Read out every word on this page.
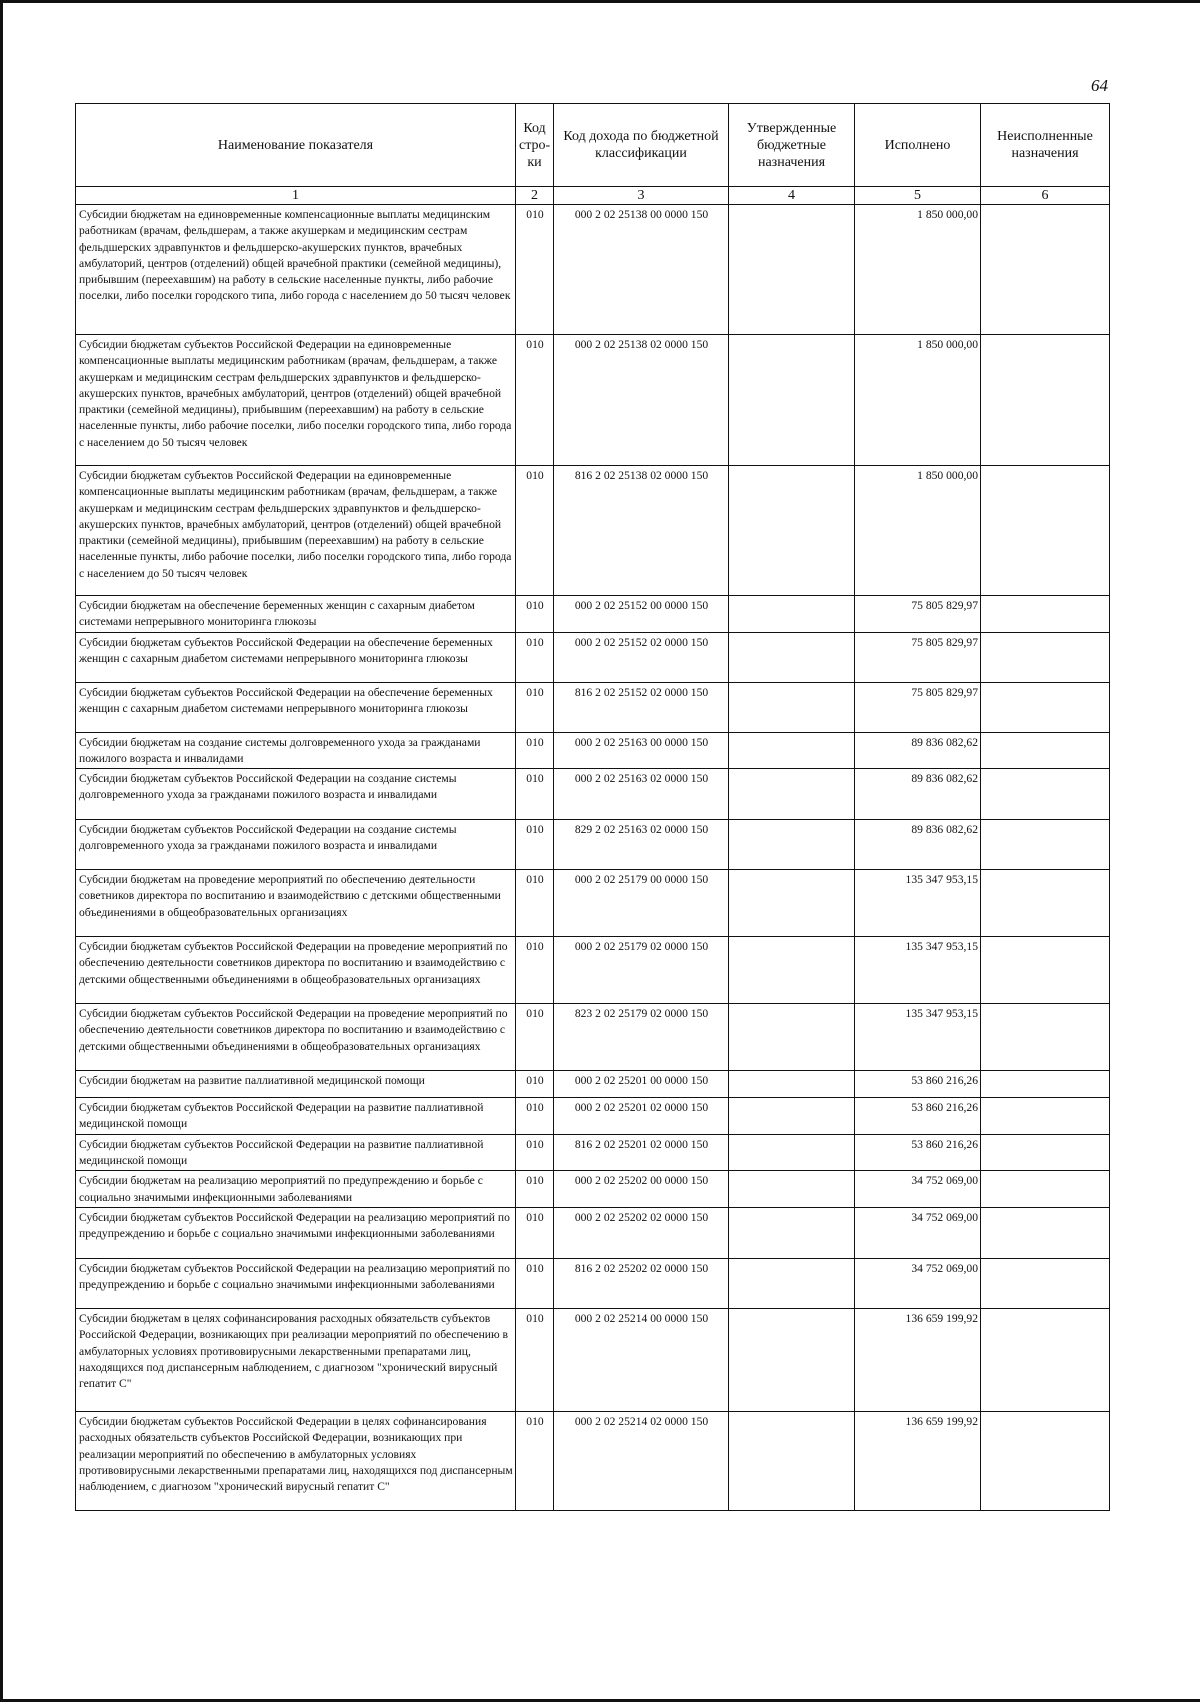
64
Наименование показателя	Код стро- ки	Код дохода по бюджетной классификации	Утвержденные бюджетные назначения	Исполнено	Неисполненные назначения
1	2	3	4	5	6
Субсидии бюджетам на единовременные компенсационные выплаты медицинским работникам (врачам, фельдшерам, а также акушеркам и медицинским сестрам фельдшерских здравпунктов и фельдшерско-акушерских пунктов, врачебных амбулаторий, центров (отделений) общей врачебной практики (семейной медицины), прибывшим (переехавшим) на работу в сельские населенные пункты, либо рабочие поселки, либо поселки городского типа, либо города с населением до 50 тысяч человек	010	000 2 02 25138 00 0000 150		1 850 000,00	
Субсидии бюджетам субъектов Российской Федерации на единовременные компенсационные выплаты медицинским работникам (врачам, фельдшерам, а также акушеркам и медицинским сестрам фельдшерских здравпунктов и фельдшерско-акушерских пунктов, врачебных амбулаторий, центров (отделений) общей врачебной практики (семейной медицины), прибывшим (переехавшим) на работу в сельские населенные пункты, либо рабочие поселки, либо поселки городского типа, либо города с населением до 50 тысяч человек	010	000 2 02 25138 02 0000 150		1 850 000,00	
Субсидии бюджетам субъектов Российской Федерации на единовременные компенсационные выплаты медицинским работникам (врачам, фельдшерам, а также акушеркам и медицинским сестрам фельдшерских здравпунктов и фельдшерско-акушерских пунктов, врачебных амбулаторий, центров (отделений) общей врачебной практики (семейной медицины), прибывшим (переехавшим) на работу в сельские населенные пункты, либо рабочие поселки, либо поселки городского типа, либо города с населением до 50 тысяч человек	010	816 2 02 25138 02 0000 150		1 850 000,00	
Субсидии бюджетам на обеспечение беременных женщин с сахарным диабетом системами непрерывного мониторинга глюкозы	010	000 2 02 25152 00 0000 150		75 805 829,97	
Субсидии бюджетам субъектов Российской Федерации на обеспечение беременных женщин с сахарным диабетом системами непрерывного мониторинга глюкозы	010	000 2 02 25152 02 0000 150		75 805 829,97	
Субсидии бюджетам субъектов Российской Федерации на обеспечение беременных женщин с сахарным диабетом системами непрерывного мониторинга глюкозы	010	816 2 02 25152 02 0000 150		75 805 829,97	
Субсидии бюджетам на создание системы долговременного ухода за гражданами пожилого возраста и инвалидами	010	000 2 02 25163 00 0000 150		89 836 082,62	
Субсидии бюджетам субъектов Российской Федерации на создание системы долговременного ухода за гражданами пожилого возраста и инвалидами	010	000 2 02 25163 02 0000 150		89 836 082,62	
Субсидии бюджетам субъектов Российской Федерации на создание системы долговременного ухода за гражданами пожилого возраста и инвалидами	010	829 2 02 25163 02 0000 150		89 836 082,62	
Субсидии бюджетам на проведение мероприятий по обеспечению деятельности советников директора по воспитанию и взаимодействию с детскими общественными объединениями в общеобразовательных организациях	010	000 2 02 25179 00 0000 150		135 347 953,15	
Субсидии бюджетам субъектов Российской Федерации на проведение мероприятий по обеспечению деятельности советников директора по воспитанию и взаимодействию с детскими общественными объединениями в общеобразовательных организациях	010	000 2 02 25179 02 0000 150		135 347 953,15	
Субсидии бюджетам субъектов Российской Федерации на проведение мероприятий по обеспечению деятельности советников директора по воспитанию и взаимодействию с детскими общественными объединениями в общеобразовательных организациях	010	823 2 02 25179 02 0000 150		135 347 953,15	
Субсидии бюджетам на развитие паллиативной медицинской помощи	010	000 2 02 25201 00 0000 150		53 860 216,26	
Субсидии бюджетам субъектов Российской Федерации на развитие паллиативной медицинской помощи	010	000 2 02 25201 02 0000 150		53 860 216,26	
Субсидии бюджетам субъектов Российской Федерации на развитие паллиативной медицинской помощи	010	816 2 02 25201 02 0000 150		53 860 216,26	
Субсидии бюджетам на реализацию мероприятий по предупреждению и борьбе с социально значимыми инфекционными заболеваниями	010	000 2 02 25202 00 0000 150		34 752 069,00	
Субсидии бюджетам субъектов Российской Федерации на реализацию мероприятий по предупреждению и борьбе с социально значимыми инфекционными заболеваниями	010	000 2 02 25202 02 0000 150		34 752 069,00	
Субсидии бюджетам субъектов Российской Федерации на реализацию мероприятий по предупреждению и борьбе с социально значимыми инфекционными заболеваниями	010	816 2 02 25202 02 0000 150		34 752 069,00	
Субсидии бюджетам в целях софинансирования расходных обязательств субъектов Российской Федерации, возникающих при реализации мероприятий по обеспечению в амбулаторных условиях противовирусными лекарственными препаратами лиц, находящихся под диспансерным наблюдением, с диагнозом "хронический вирусный гепатит С"	010	000 2 02 25214 00 0000 150		136 659 199,92	
Субсидии бюджетам субъектов Российской Федерации в целях софинансирования расходных обязательств субъектов Российской Федерации, возникающих при реализации мероприятий по обеспечению в амбулаторных условиях противовирусными лекарственными препаратами лиц, находящихся под диспансерным наблюдением, с диагнозом "хронический вирусный гепатит С"	010	000 2 02 25214 02 0000 150		136 659 199,92	
